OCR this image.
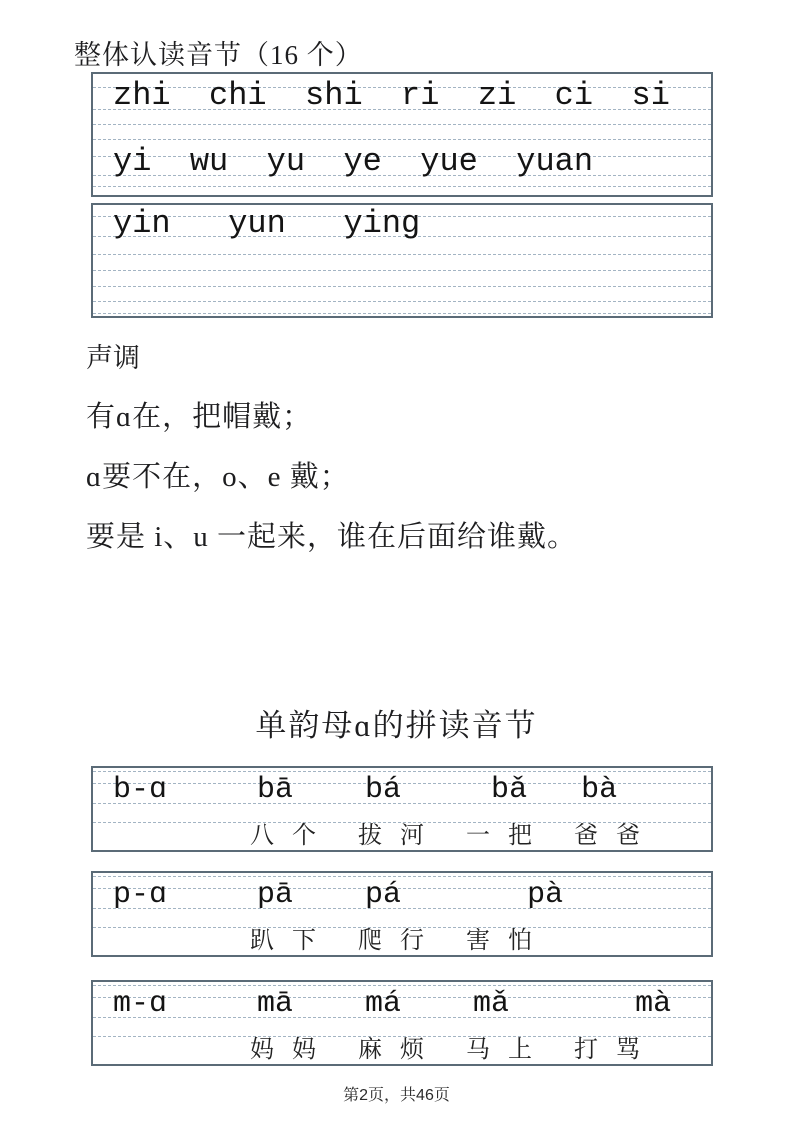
整体认读音节（16 个）
zhi  chi  shi  ri  zi  ci  si
yi  wu  yu  ye  yue  yuan
yin   yun   ying
声调
有ɑ在，把帽戴；
ɑ要不在，o、e 戴；
要是 i、u 一起来，谁在后面给谁戴。
单韵母ɑ的拼读音节
b-ɑ     bā    bá     bǎ   bà
八个 拔河 一把 爸爸
p-ɑ     pā    pá       pà
趴下 爬行 害怕
m-ɑ     mā    má    mǎ       mà
妈妈 麻烦 马上 打骂
第2页，共46页
